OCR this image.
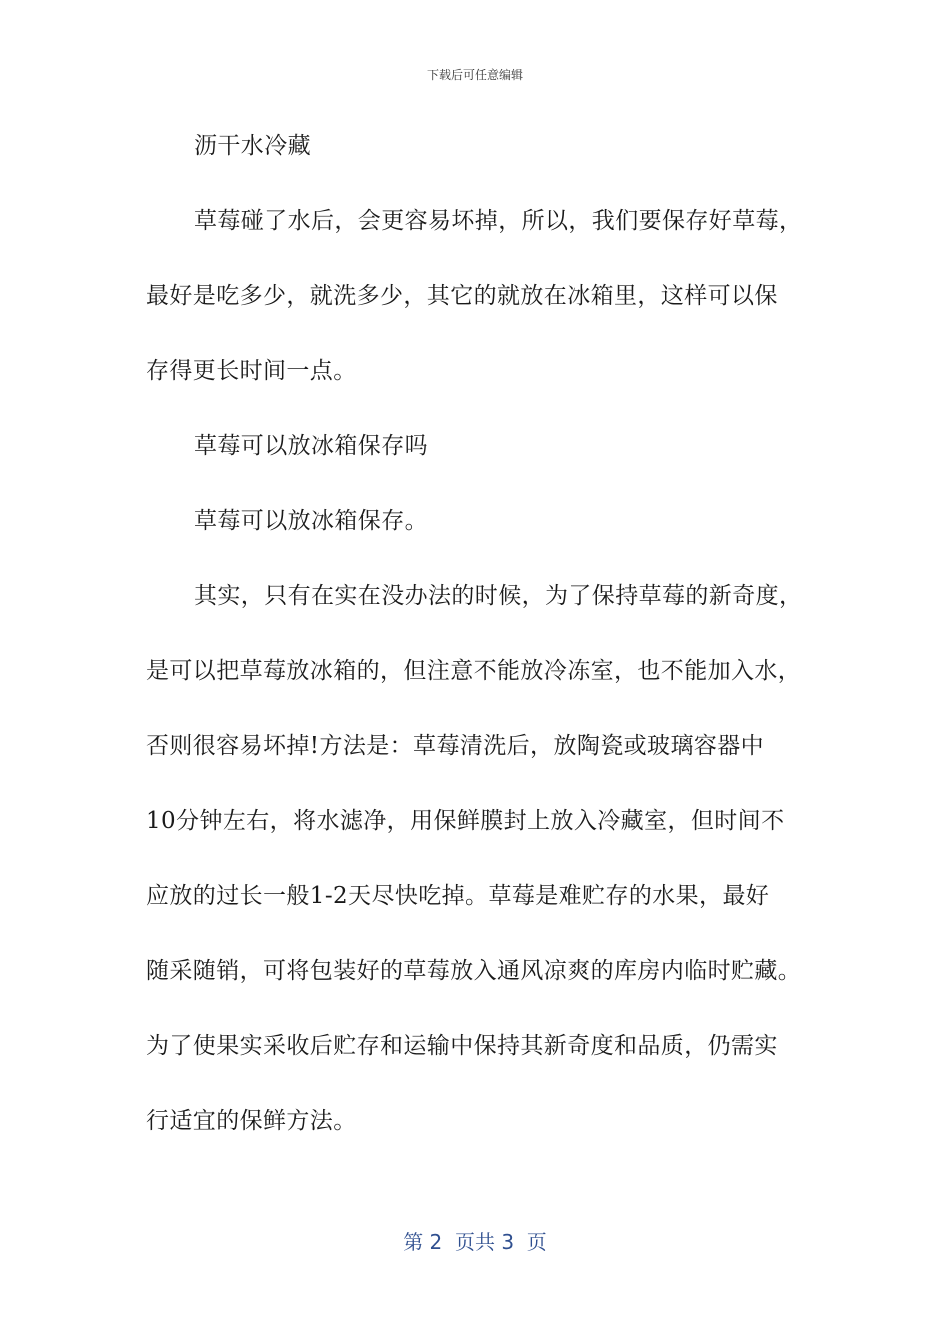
下载后可任意编辑
沥干水冷藏
草莓碰了水后，会更容易坏掉，所以，我们要保存好草莓，
最好是吃多少，就洗多少，其它的就放在冰箱里，这样可以保
存得更长时间一点。
草莓可以放冰箱保存吗
草莓可以放冰箱保存。
其实，只有在实在没办法的时候，为了保持草莓的新奇度，
是可以把草莓放冰箱的，但注意不能放冷冻室，也不能加入水，
否则很容易坏掉!方法是：草莓清洗后，放陶瓷或玻璃容器中
10分钟左右，将水滤净，用保鲜膜封上放入冷藏室，但时间不
应放的过长一般1-2天尽快吃掉。草莓是难贮存的水果，最好
随采随销，可将包装好的草莓放入通风凉爽的库房内临时贮藏。
为了使果实采收后贮存和运输中保持其新奇度和品质，仍需实
行适宜的保鲜方法。
第 2  页共 3  页
